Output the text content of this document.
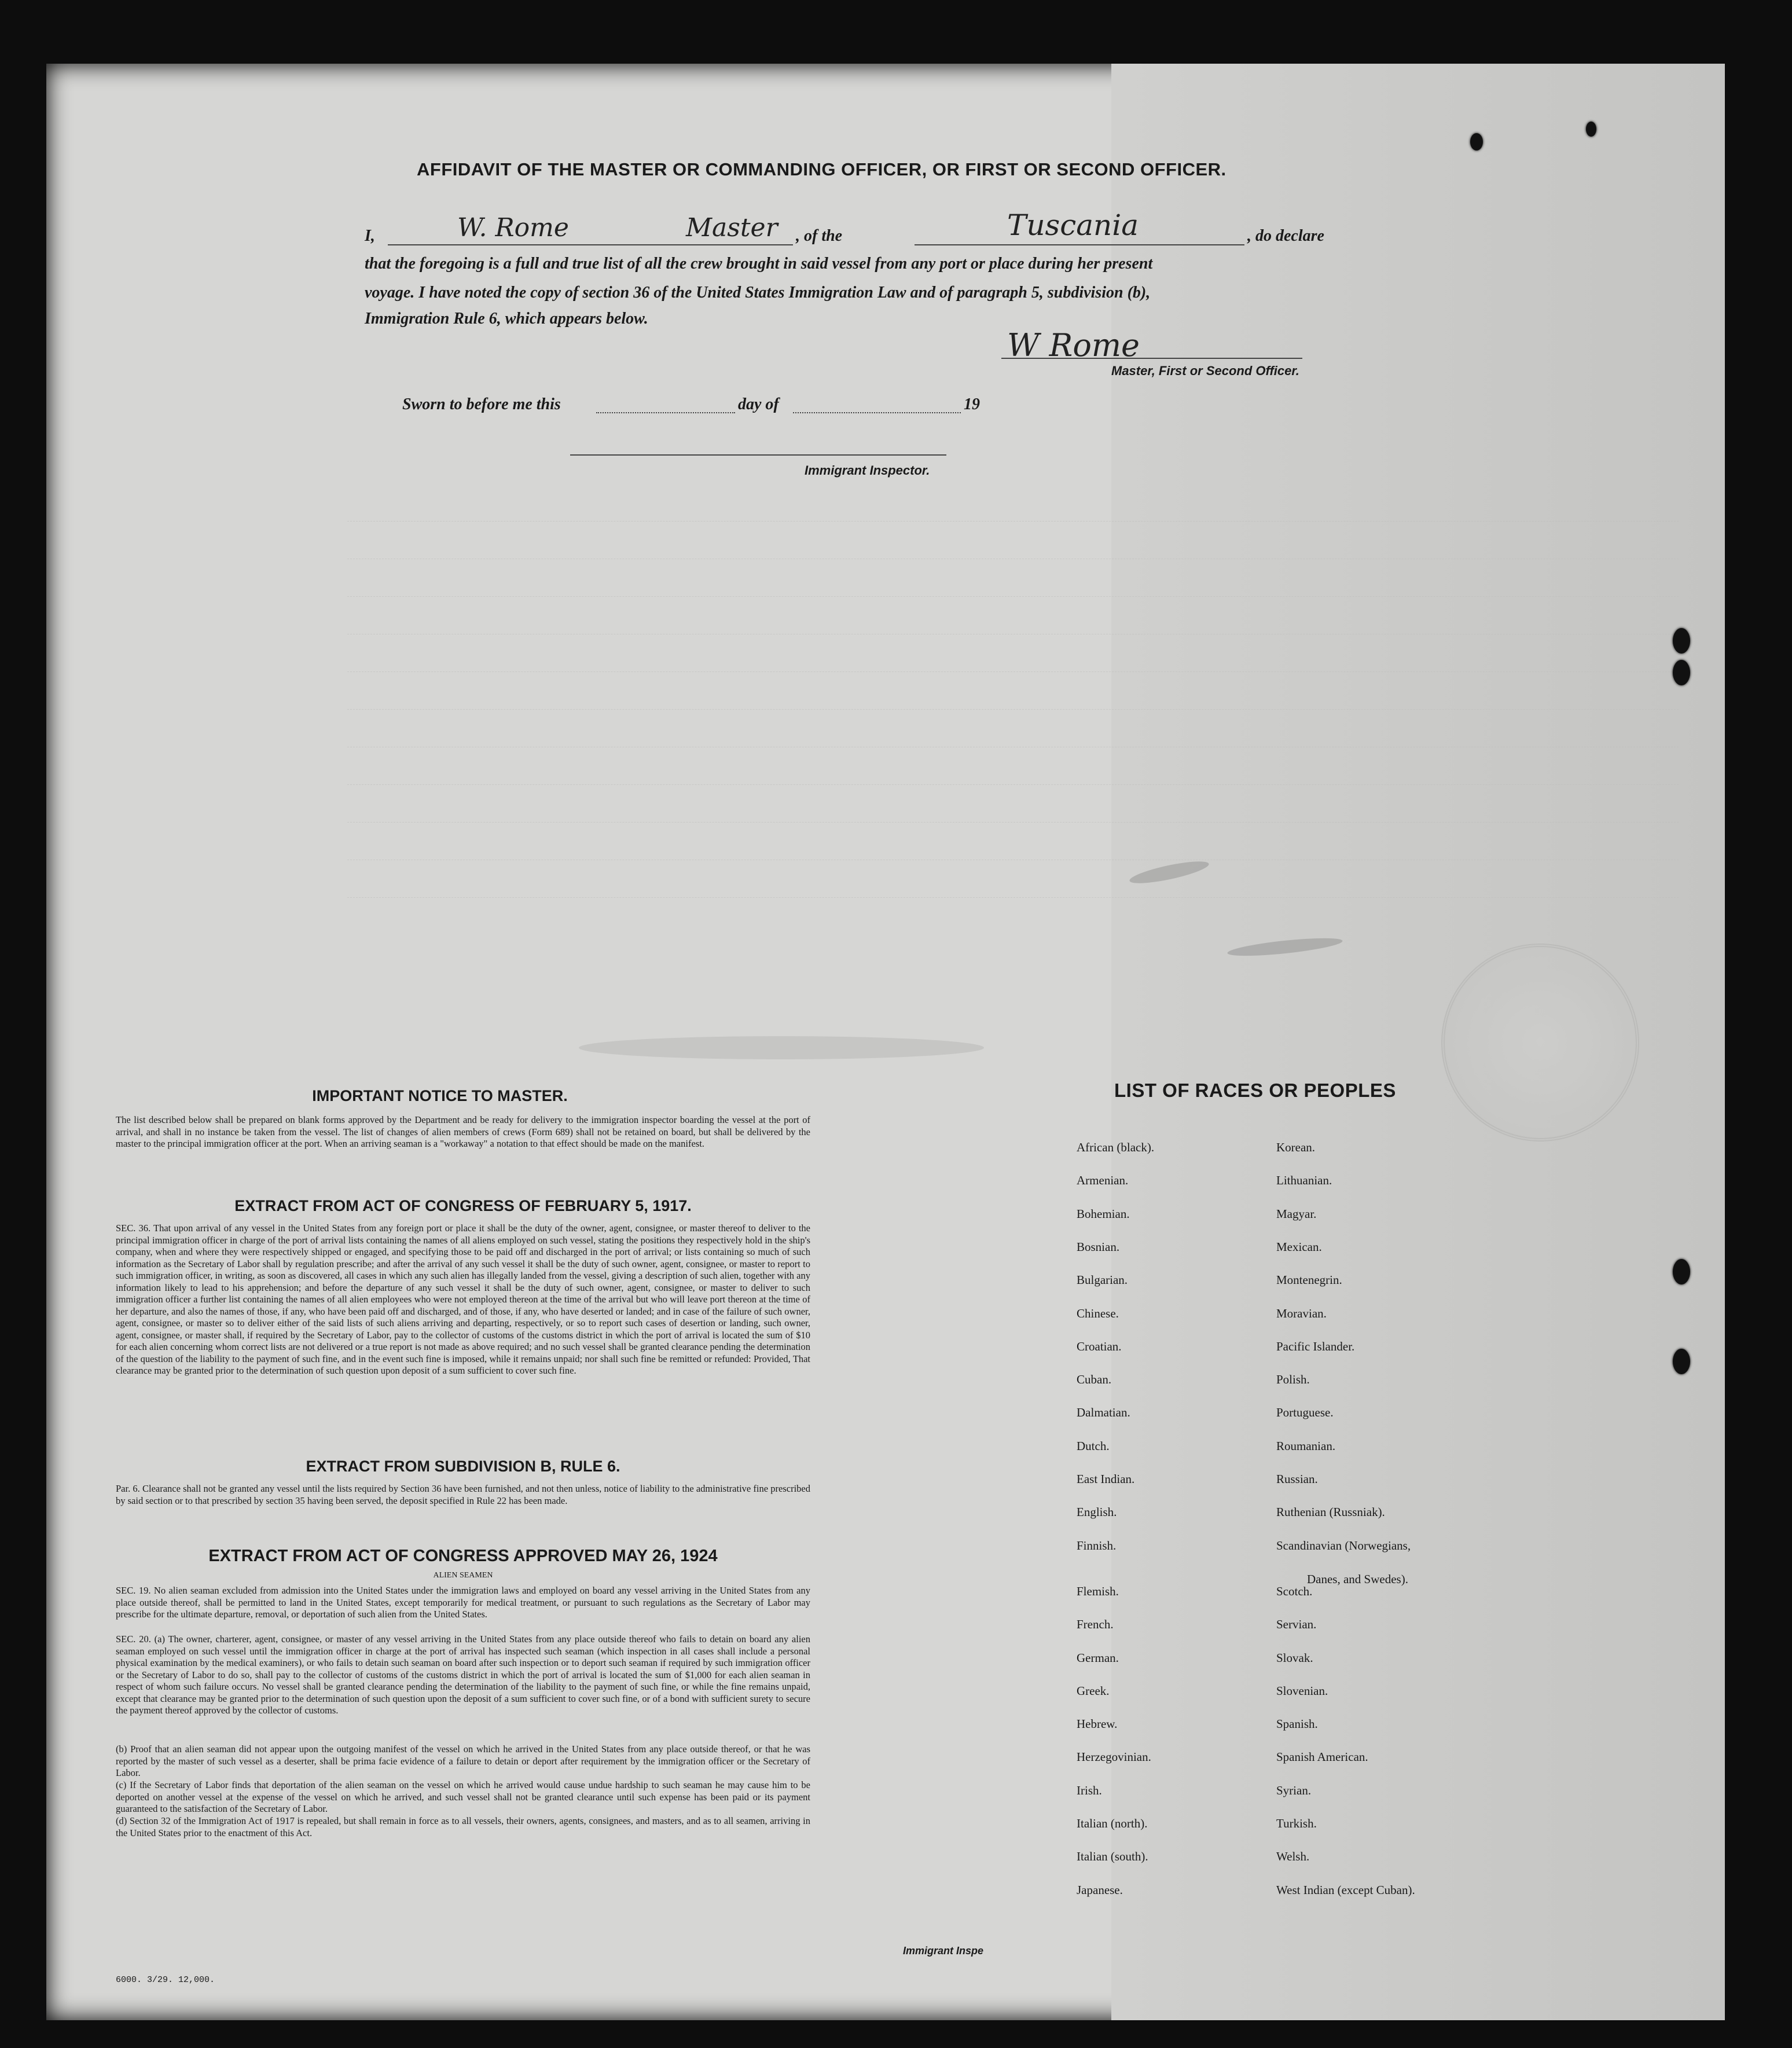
AFFIDAVIT OF THE MASTER OR COMMANDING OFFICER, OR FIRST OR SECOND OFFICER.
I,	W. Rome	Master , of the	Tuscania	, do declare
that the foregoing is a full and true list of all the crew brought in said vessel from any port or place during her present
voyage. I have noted the copy of section 36 of the United States Immigration Law and of paragraph 5, subdivision (b),
Immigration Rule 6, which appears below.
W Rome
Master, First or Second Officer.
Sworn to before me this	day of	19
Immigrant Inspector.
IMPORTANT NOTICE TO MASTER.
The list described below shall be prepared on blank forms approved by the Department and be ready for delivery to the immigration inspector boarding the vessel at the port of arrival, and shall in no instance be taken from the vessel. The list of changes of alien members of crews (Form 689) shall not be retained on board, but shall be delivered by the master to the principal immigration officer at the port. When an arriving seaman is a "workaway" a notation to that effect should be made on the manifest.
EXTRACT FROM ACT OF CONGRESS OF FEBRUARY 5, 1917.
SEC. 36. That upon arrival of any vessel in the United States from any foreign port or place it shall be the duty of the owner, agent, consignee, or master thereof to deliver to the principal immigration officer in charge of the port of arrival lists containing the names of all aliens employed on such vessel, stating the positions they respectively hold in the ship's company, when and where they were respectively shipped or engaged, and specifying those to be paid off and discharged in the port of arrival; or lists containing so much of such information as the Secretary of Labor shall by regulation prescribe; and after the arrival of any such vessel it shall be the duty of such owner, agent, consignee, or master to report to such immigration officer, in writing, as soon as discovered, all cases in which any such alien has illegally landed from the vessel, giving a description of such alien, together with any information likely to lead to his apprehension; and before the departure of any such vessel it shall be the duty of such owner, agent, consignee, or master to deliver to such immigration officer a further list containing the names of all alien employees who were not employed thereon at the time of the arrival but who will leave port thereon at the time of her departure, and also the names of those, if any, who have been paid off and discharged, and of those, if any, who have deserted or landed; and in case of the failure of such owner, agent, consignee, or master so to deliver either of the said lists of such aliens arriving and departing, respectively, or so to report such cases of desertion or landing, such owner, agent, consignee, or master shall, if required by the Secretary of Labor, pay to the collector of customs of the customs district in which the port of arrival is located the sum of $10 for each alien concerning whom correct lists are not delivered or a true report is not made as above required; and no such vessel shall be granted clearance pending the determination of the question of the liability to the payment of such fine, and in the event such fine is imposed, while it remains unpaid; nor shall such fine be remitted or refunded: Provided, That clearance may be granted prior to the determination of such question upon deposit of a sum sufficient to cover such fine.
EXTRACT FROM SUBDIVISION B, RULE 6.
Par. 6. Clearance shall not be granted any vessel until the lists required by Section 36 have been furnished, and not then unless, notice of liability to the administrative fine prescribed by said section or to that prescribed by section 35 having been served, the deposit specified in Rule 22 has been made.
EXTRACT FROM ACT OF CONGRESS APPROVED MAY 26, 1924
ALIEN SEAMEN
SEC. 19. No alien seaman excluded from admission into the United States under the immigration laws and employed on board any vessel arriving in the United States from any place outside thereof, shall be permitted to land in the United States, except temporarily for medical treatment, or pursuant to such regulations as the Secretary of Labor may prescribe for the ultimate departure, removal, or deportation of such alien from the United States.
SEC. 20. (a) The owner, charterer, agent, consignee, or master of any vessel arriving in the United States from any place outside thereof who fails to detain on board any alien seaman employed on such vessel until the immigration officer in charge at the port of arrival has inspected such seaman (which inspection in all cases shall include a personal physical examination by the medical examiners), or who fails to detain such seaman on board after such inspection or to deport such seaman if required by such immigration officer or the Secretary of Labor to do so, shall pay to the collector of customs of the customs district in which the port of arrival is located the sum of $1,000 for each alien seaman in respect of whom such failure occurs. No vessel shall be granted clearance pending the determination of the liability to the payment of such fine, or while the fine remains unpaid, except that clearance may be granted prior to the determination of such question upon the deposit of a sum sufficient to cover such fine, or of a bond with sufficient surety to secure the payment thereof approved by the collector of customs.
(b) Proof that an alien seaman did not appear upon the outgoing manifest of the vessel on which he arrived in the United States from any place outside thereof, or that he was reported by the master of such vessel as a deserter, shall be prima facie evidence of a failure to detain or deport after requirement by the immigration officer or the Secretary of Labor.
(c) If the Secretary of Labor finds that deportation of the alien seaman on the vessel on which he arrived would cause undue hardship to such seaman he may cause him to be deported on another vessel at the expense of the vessel on which he arrived, and such vessel shall not be granted clearance until such expense has been paid or its payment guaranteed to the satisfaction of the Secretary of Labor.
(d) Section 32 of the Immigration Act of 1917 is repealed, but shall remain in force as to all vessels, their owners, agents, consignees, and masters, and as to all seamen, arriving in the United States prior to the enactment of this Act.
LIST OF RACES OR PEOPLES
African (black).
Armenian.
Bohemian.
Bosnian.
Bulgarian.
Chinese.
Croatian.
Cuban.
Dalmatian.
Dutch.
East Indian.
English.
Finnish.
Flemish.
French.
German.
Greek.
Hebrew.
Herzegovinian.
Irish.
Italian (north).
Italian (south).
Japanese.
Korean.
Lithuanian.
Magyar.
Mexican.
Montenegrin.
Moravian.
Pacific Islander.
Polish.
Portuguese.
Roumanian.
Russian.
Ruthenian (Russniak).
Scandinavian (Norwegians,
Scotch.
Servian.
Slovak.
Slovenian.
Spanish.
Spanish American.
Syrian.
Turkish.
Welsh.
West Indian (except Cuban).
Danes, and Swedes).
6000. 3/29. 12,000.
Immigrant Inspe
